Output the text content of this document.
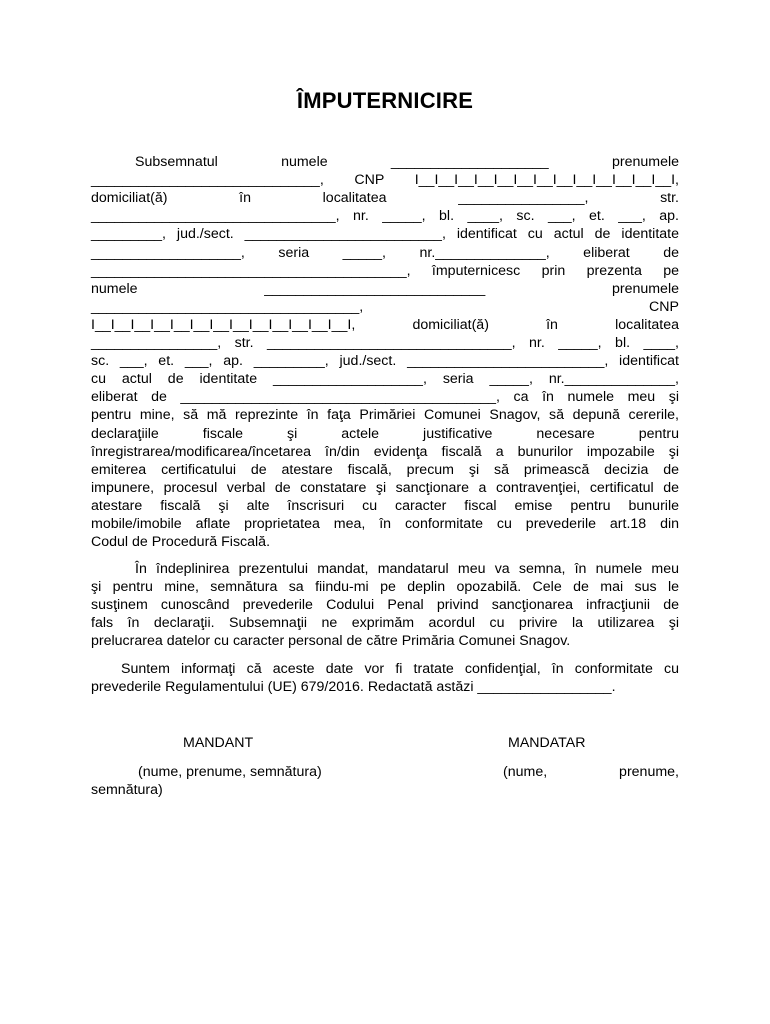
ÎMPUTERNICIRE
Subsemnatul numele ____________________ prenumele
_____________________________, CNP I__I__I__I__I__I__I__I__I__I__I__I__I__I,
domiciliat(ă) în localitatea ________________, str.
_______________________________, nr. _____, bl. ____, sc. ___, et. ___, ap.
_________, jud./sect. _________________________, identificat cu actul de identitate
___________________, seria _____, nr.______________, eliberat de
________________________________________, împuternicesc prin prezenta pe
numele ____________________________ prenumele
__________________________________, CNP
I__I__I__I__I__I__I__I__I__I__I__I__I__I, domiciliat(ă) în localitatea
________________, str. _______________________________, nr. _____, bl. ____,
sc. ___, et. ___, ap. _________, jud./sect. _________________________, identificat
cu actul de identitate ___________________, seria _____, nr.______________,
eliberat de ________________________________________, ca în numele meu şi
pentru mine, să mă reprezinte în faţa Primăriei Comunei Snagov, să depună cererile,
declaraţiile fiscale şi actele justificative necesare pentru
înregistrarea/modificarea/încetarea în/din evidenţa fiscală a bunurilor impozabile şi
emiterea certificatului de atestare fiscală, precum şi să primească decizia de
impunere, procesul verbal de constatare şi sancţionare a contravenţiei, certificatul de
atestare fiscală şi alte înscrisuri cu caracter fiscal emise pentru bunurile
mobile/imobile aflate proprietatea mea, în conformitate cu prevederile art.18 din
Codul de Procedură Fiscală.
În îndeplinirea prezentului mandat, mandatarul meu va semna, în numele meu
şi pentru mine, semnătura sa fiindu-mi pe deplin opozabilă. Cele de mai sus le
susţinem cunoscând prevederile Codului Penal privind sancţionarea infracţiunii de
fals în declaraţii. Subsemnaţii ne exprimăm acordul cu privire la utilizarea şi
prelucrarea datelor cu caracter personal de către Primăria Comunei Snagov.
Suntem informaţi că aceste date vor fi tratate confidenţial, în conformitate cu
prevederile Regulamentului (UE) 679/2016. Redactată astăzi _________________.
MANDANT	MANDATAR
(nume, prenume, semnătura)
semnătura)
(nume, prenume,
